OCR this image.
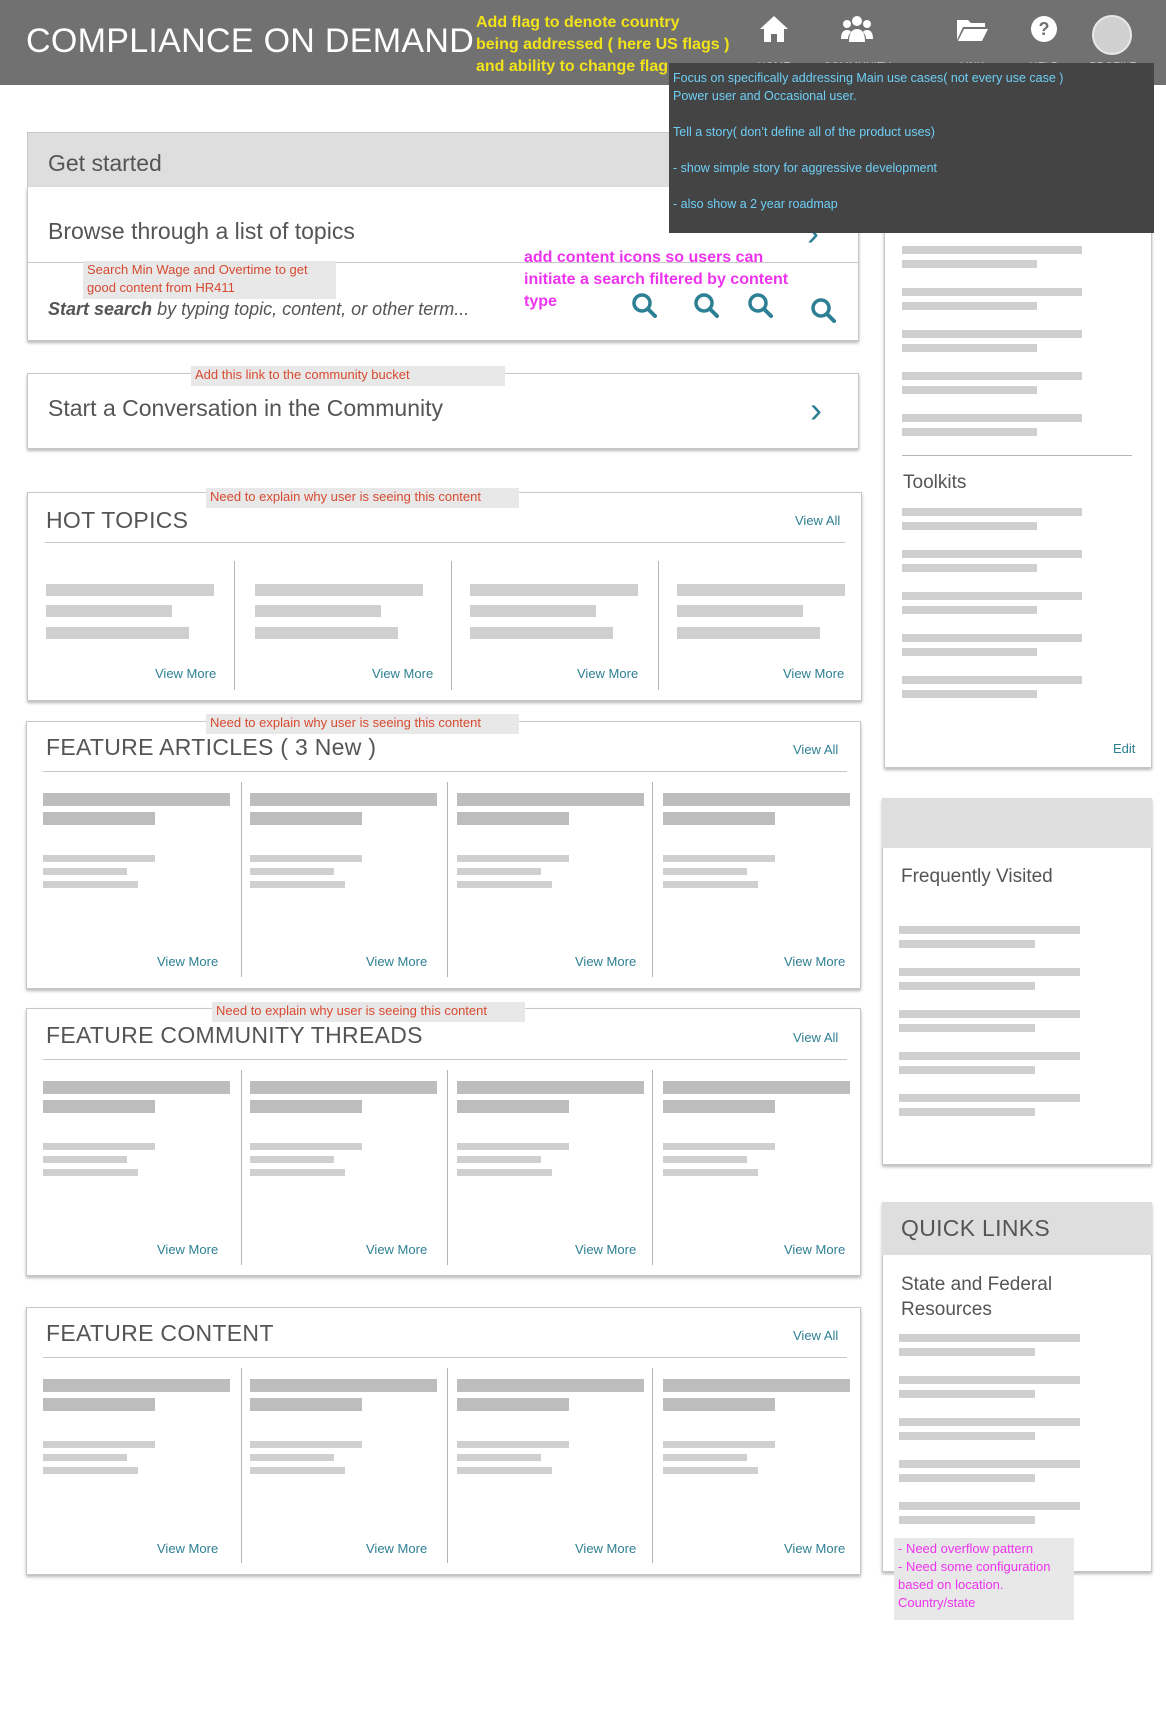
COMPLIANCE ON DEMAND	?
Add flag to denote country
being addressed ( here US flags )
and ability to change flag
Get started
Browse through a list of topics
Search Min Wage and Overtime to get
good content from HR411
Start search by typing topic, content, or other term...
add content icons so users can
initiate a search filtered by content
type
Start a Conversation in the Community	›
Add this link to the community bucket
Need to explain why user is seeing this content
HOT TOPICS	View All
View More	View More	View More	View More
Need to explain why user is seeing this content
FEATURE ARTICLES ( 3 New )	View All
View More	View More	View More	View More
Need to explain why user is seeing this content
FEATURE COMMUNITY THREADS	View All
View More	View More	View More	View More
FEATURE CONTENT	View All
View More	View More	View More	View More
Toolkits
Edit

Focus on specifically addressing Main use cases( not every use case )

Power user and Occasional user.

Tell a story( don’t define all of the product uses)

- show simple story for aggressive development

- also show a 2 year roadmap

Frequently Visited
QUICK LINKS
State and Federal Resources
- Need overflow pattern
- Need some configuration
based on location.
Country/state
